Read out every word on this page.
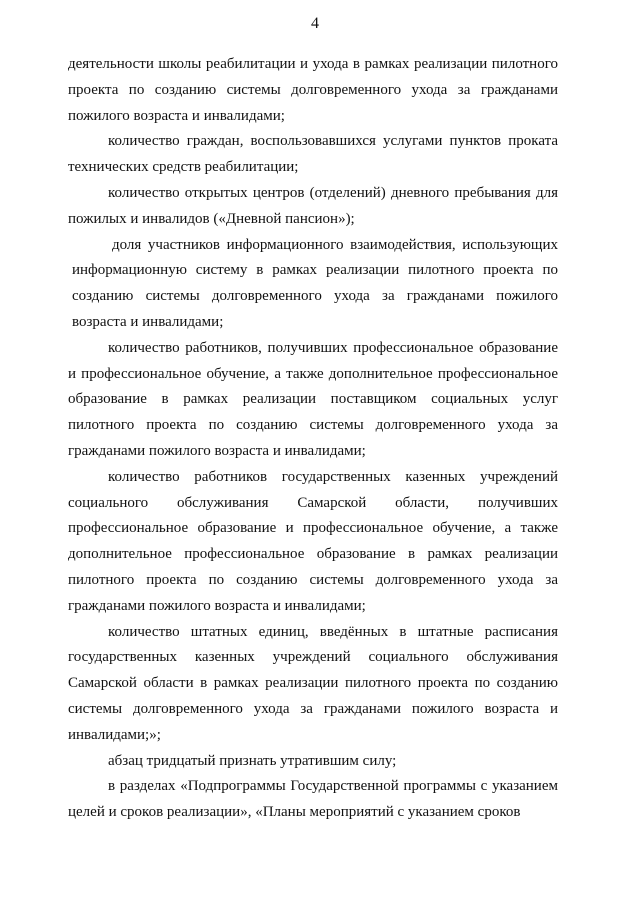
4

деятельности школы реабилитации и ухода в рамках реализации пилотного проекта по созданию системы долговременного ухода за гражданами пожилого возраста и инвалидами;

количество граждан, воспользовавшихся услугами пунктов проката технических средств реабилитации;

количество открытых центров (отделений) дневного пребывания для пожилых и инвалидов («Дневной пансион»);

доля участников информационного взаимодействия, использующих информационную систему в рамках реализации пилотного проекта по созданию системы долговременного ухода за гражданами пожилого возраста и инвалидами;

количество работников, получивших профессиональное образование и профессиональное обучение, а также дополнительное профессиональное образование в рамках реализации поставщиком социальных услуг пилотного проекта по созданию системы долговременного ухода за гражданами пожилого возраста и инвалидами;

количество работников государственных казенных учреждений социального обслуживания Самарской области, получивших профессиональное образование и профессиональное обучение, а также дополнительное профессиональное образование в рамках реализации пилотного проекта по созданию системы долговременного ухода за гражданами пожилого возраста и инвалидами;

количество штатных единиц, введённых в штатные расписания государственных казенных учреждений социального обслуживания Самарской области в рамках реализации пилотного проекта по созданию системы долговременного ухода за гражданами пожилого возраста и инвалидами;»;

абзац тридцатый признать утратившим силу;

в разделах «Подпрограммы Государственной программы с указанием целей и сроков реализации», «Планы мероприятий с указанием сроков
